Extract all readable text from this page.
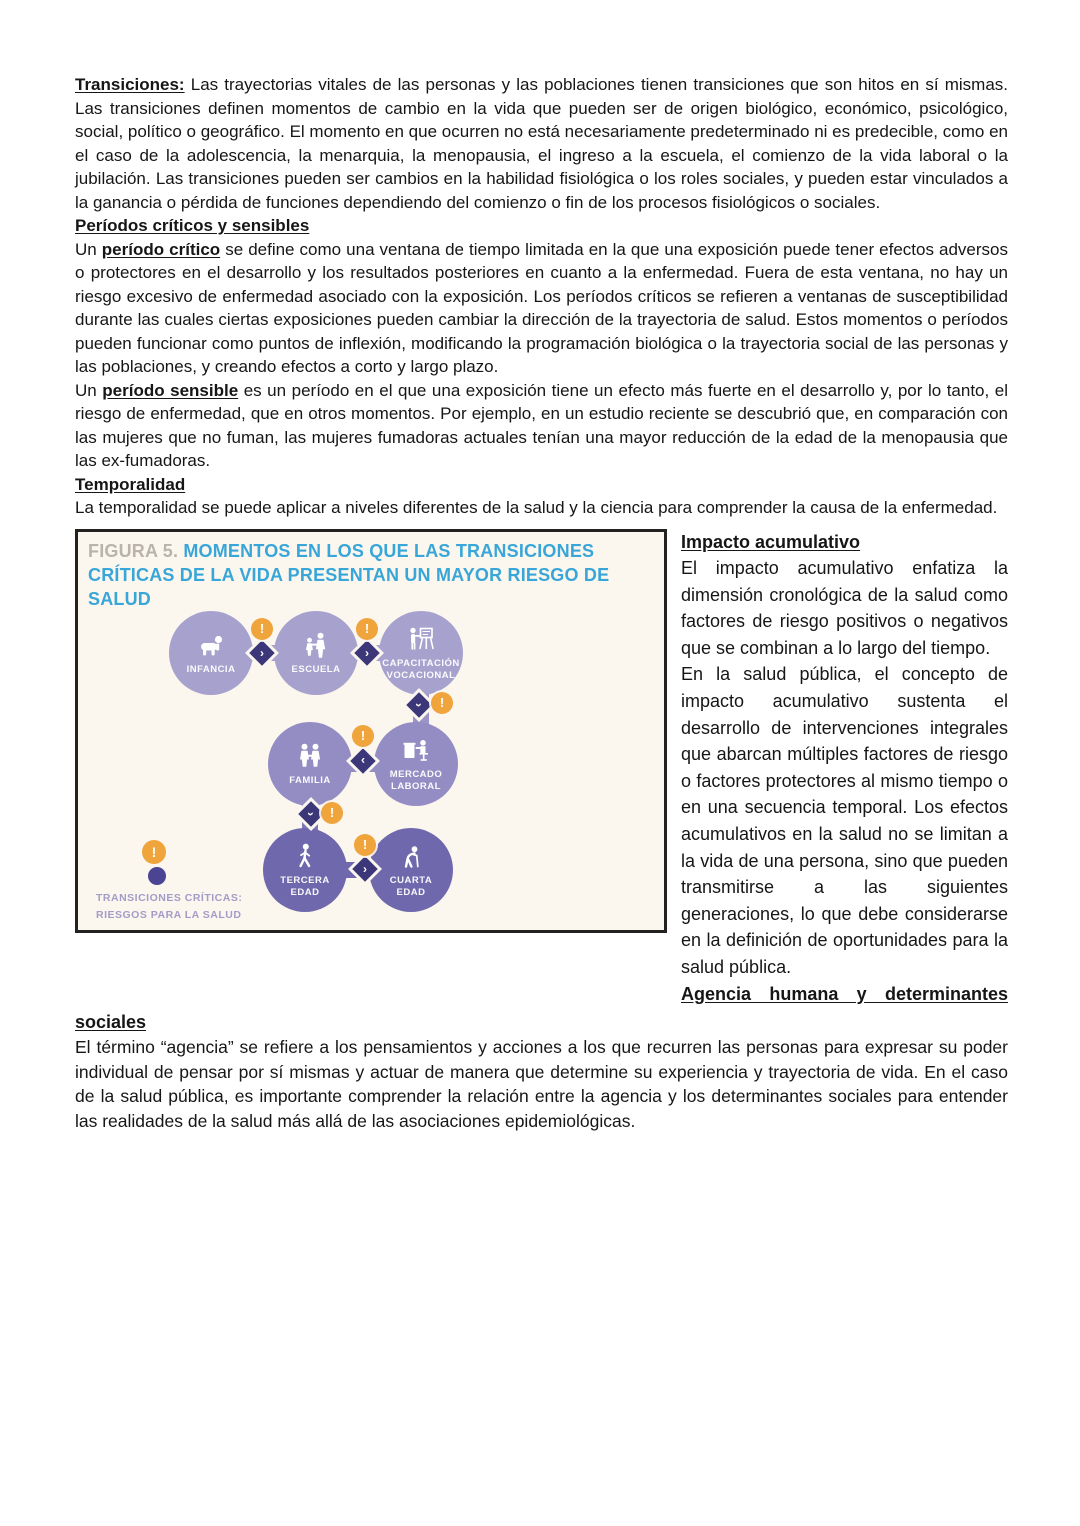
Transiciones: Las trayectorias vitales de las personas y las poblaciones tienen transiciones que son hitos en sí mismas. Las transiciones definen momentos de cambio en la vida que pueden ser de origen biológico, económico, psicológico, social, político o geográfico. El momento en que ocurren no está necesariamente predeterminado ni es predecible, como en el caso de la adolescencia, la menarquia, la menopausia, el ingreso a la escuela, el comienzo de la vida laboral o la jubilación. Las transiciones pueden ser cambios en la habilidad fisiológica o los roles sociales, y pueden estar vinculados a la ganancia o pérdida de funciones dependiendo del comienzo o fin de los procesos fisiológicos o sociales.

Períodos críticos y sensibles

Un período crítico se define como una ventana de tiempo limitada en la que una exposición puede tener efectos adversos o protectores en el desarrollo y los resultados posteriores en cuanto a la enfermedad. Fuera de esta ventana, no hay un riesgo excesivo de enfermedad asociado con la exposición. Los períodos críticos se refieren a ventanas de susceptibilidad durante las cuales ciertas exposiciones pueden cambiar la dirección de la trayectoria de salud. Estos momentos o períodos pueden funcionar como puntos de inflexión, modificando la programación biológica o la trayectoria social de las personas y las poblaciones, y creando efectos a corto y largo plazo.

Un período sensible es un período en el que una exposición tiene un efecto más fuerte en el desarrollo y, por lo tanto, el riesgo de enfermedad, que en otros momentos. Por ejemplo, en un estudio reciente se descubrió que, en comparación con las mujeres que no fuman, las mujeres fumadoras actuales tenían una mayor reducción de la edad de la menopausia que las ex-fumadoras.

Temporalidad

La temporalidad se puede aplicar a niveles diferentes de la salud y la ciencia para comprender la causa de la enfermedad.

FIGURA 5. MOMENTOS EN LOS QUE LAS TRANSICIONES CRÍTICAS DE LA VIDA PRESENTAN UN MAYOR RIESGO DE SALUD
INFANCIA	ESCUELA
CAPACITACIÓN
VOCACIONAL
FAMILIA
MERCADO
LABORAL
TERCERA
EDAD
CUARTA
EDAD
›	›
›
›
›
›
!	!
!
!
!
!
!
TRANSICIONES CRÍTICAS:
RIESGOS PARA LA SALUD
Impacto acumulativo

El impacto acumulativo enfatiza la dimensión cronológica de la salud como factores de riesgo positivos o negativos que se combinan a lo largo del tiempo.

En la salud pública, el concepto de impacto acumulativo sustenta el desarrollo de intervenciones integrales que abarcan múltiples factores de riesgo o factores protectores al mismo tiempo o en una secuencia temporal. Los efectos acumulativos en la salud no se limitan a la vida de una persona, sino que pueden transmitirse a las siguientes generaciones, lo que debe considerarse en la definición de oportunidades para la salud pública.

Agencia humana y determinantes
sociales

El término “agencia” se refiere a los pensamientos y acciones a los que recurren las personas para expresar su poder individual de pensar por sí mismas y actuar de manera que determine su experiencia y trayectoria de vida. En el caso de la salud pública, es importante comprender la relación entre la agencia y los determinantes sociales para entender las realidades de la salud más allá de las asociaciones epidemiológicas.
